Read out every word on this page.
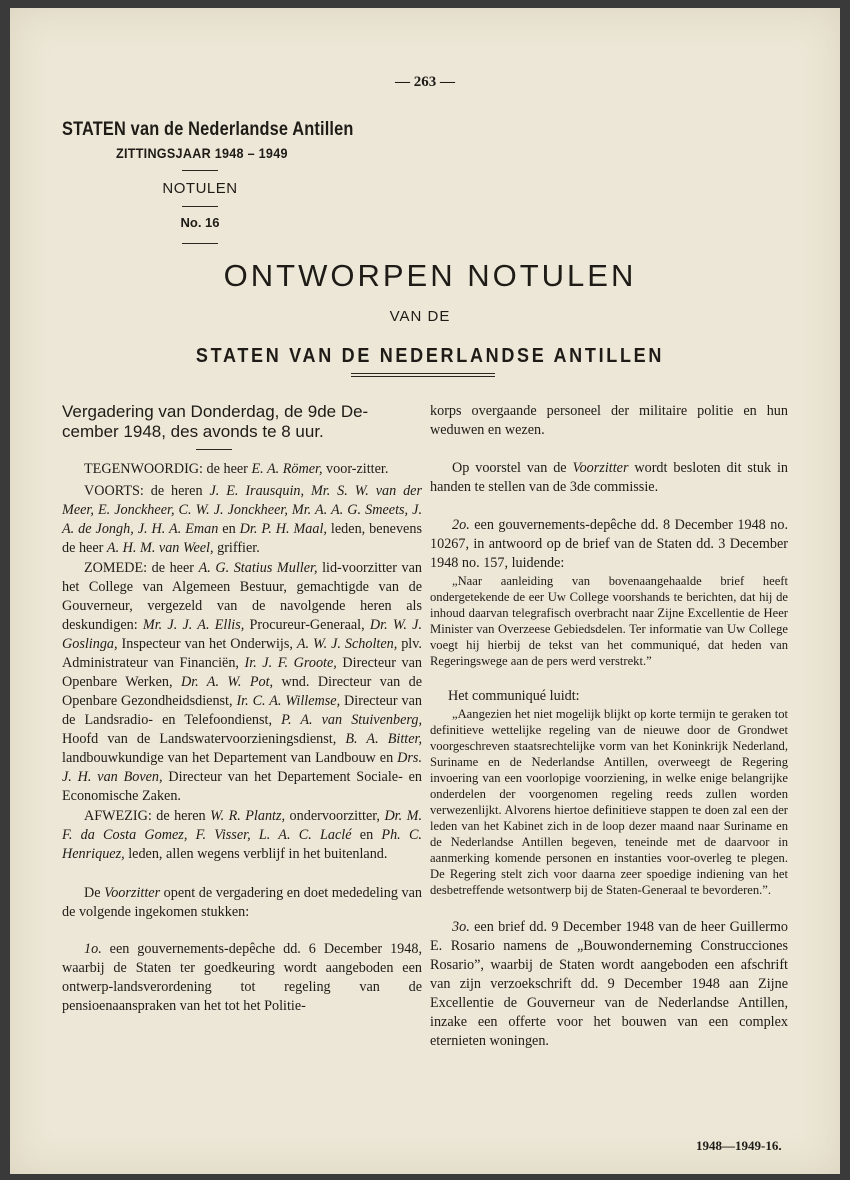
— 263 —
STATEN van de Nederlandse Antillen
ZITTINGSJAAR 1948 – 1949
NOTULEN
No. 16
ONTWORPEN NOTULEN
VAN DE
STATEN VAN DE NEDERLANDSE ANTILLEN
Vergadering van Donderdag, de 9de De-
cember 1948, des avonds te 8 uur.

TEGENWOORDIG: de heer E. A. Römer, voor-zitter.

VOORTS: de heren J. E. Irausquin, Mr. S. W. van der Meer, E. Jonckheer, C. W. J. Jonckheer, Mr. A. A. G. Smeets, J. A. de Jongh, J. H. A. Eman en Dr. P. H. Maal, leden, benevens de heer A. H. M. van Weel, griffier.

ZOMEDE: de heer A. G. Statius Muller, lid-voorzitter van het College van Algemeen Bestuur, gemachtigde van de Gouverneur, vergezeld van de navolgende heren als deskundigen: Mr. J. J. A. Ellis, Procureur-Generaal, Dr. W. J. Goslinga, Inspecteur van het Onderwijs, A. W. J. Scholten, plv. Administrateur van Financiën, Ir. J. F. Groote, Directeur van Openbare Werken, Dr. A. W. Pot, wnd. Directeur van de Openbare Gezondheidsdienst, Ir. C. A. Willemse, Directeur van de Landsradio- en Telefoondienst, P. A. van Stuivenberg, Hoofd van de Landswatervoorzieningsdienst, B. A. Bitter, landbouwkundige van het Departement van Landbouw en Drs. J. H. van Boven, Directeur van het Departement Sociale- en Economische Zaken.

AFWEZIG: de heren W. R. Plantz, ondervoorzitter, Dr. M. F. da Costa Gomez, F. Visser, L. A. C. Laclé en Ph. C. Henriquez, leden, allen wegens verblijf in het buitenland.

De Voorzitter opent de vergadering en doet mededeling van de volgende ingekomen stukken:

1o. een gouvernements-depêche dd. 6 December 1948, waarbij de Staten ter goedkeuring wordt aangeboden een ontwerp-landsverordening tot regeling van de pensioenaanspraken van het tot het Politie-

korps overgaande personeel der militaire politie en hun weduwen en wezen.

Op voorstel van de Voorzitter wordt besloten dit stuk in handen te stellen van de 3de commissie.

2o. een gouvernements-depêche dd. 8 December 1948 no. 10267, in antwoord op de brief van de Staten dd. 3 December 1948 no. 157, luidende:

„Naar aanleiding van bovenaangehaalde brief heeft ondergetekende de eer Uw College voorshands te berichten, dat hij de inhoud daarvan telegrafisch overbracht naar Zijne Excellentie de Heer Minister van Overzeese Gebiedsdelen. Ter informatie van Uw College voegt hij hierbij de tekst van het communiqué, dat heden van Regeringswege aan de pers werd verstrekt.”

Het communiqué luidt:

„Aangezien het niet mogelijk blijkt op korte termijn te geraken tot definitieve wettelijke regeling van de nieuwe door de Grondwet voorgeschreven staatsrechtelijke vorm van het Koninkrijk Nederland, Suriname en de Nederlandse Antillen, overweegt de Regering invoering van een voorlopige voorziening, in welke enige belangrijke onderdelen der voorgenomen regeling reeds zullen worden verwezenlijkt. Alvorens hiertoe definitieve stappen te doen zal een der leden van het Kabinet zich in de loop dezer maand naar Suriname en de Nederlandse Antillen begeven, teneinde met de daarvoor in aanmerking komende personen en instanties voor-overleg te plegen. De Regering stelt zich voor daarna zeer spoedige indiening van het desbetreffende wetsontwerp bij de Staten-Generaal te bevorderen.”.

3o. een brief dd. 9 December 1948 van de heer Guillermo E. Rosario namens de „Bouwonderneming Construcciones Rosario”, waarbij de Staten wordt aangeboden een afschrift van zijn verzoekschrift dd. 9 December 1948 aan Zijne Excellentie de Gouverneur van de Nederlandse Antillen, inzake een offerte voor het bouwen van een complex eternieten woningen.

1948—1949-16.
